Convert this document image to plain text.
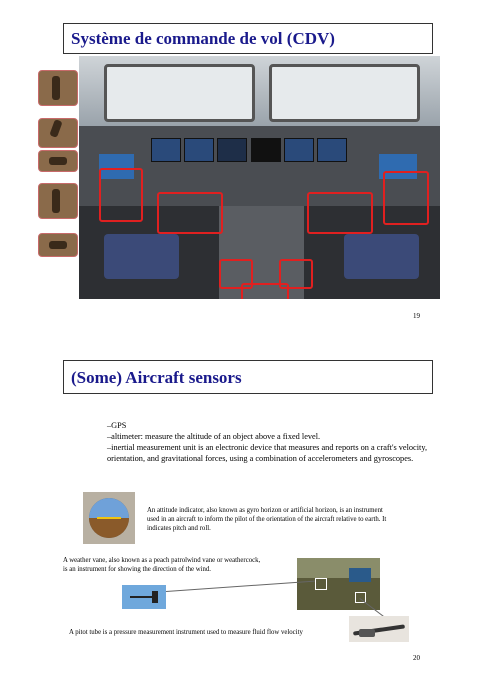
Système de commande de vol (CDV)
19
(Some) Aircraft sensors
–GPS
–altimeter: measure the altitude of an object above a fixed level.
–inertial measurement unit is an electronic device that measures and reports on a craft's velocity, orientation, and gravitational forces, using a combination of accelerometers and gyroscopes.
An attitude indicator, also known as gyro horizon or artificial horizon, is an instrument used in an aircraft to inform the pilot of the orientation of the aircraft relative to earth. It indicates pitch and roll.
A weather vane, also known as a peach patrolwind vane or weathercock, is an instrument for showing the direction of the wind.
A pitot tube is a pressure measurement instrument used to measure fluid flow velocity
20
